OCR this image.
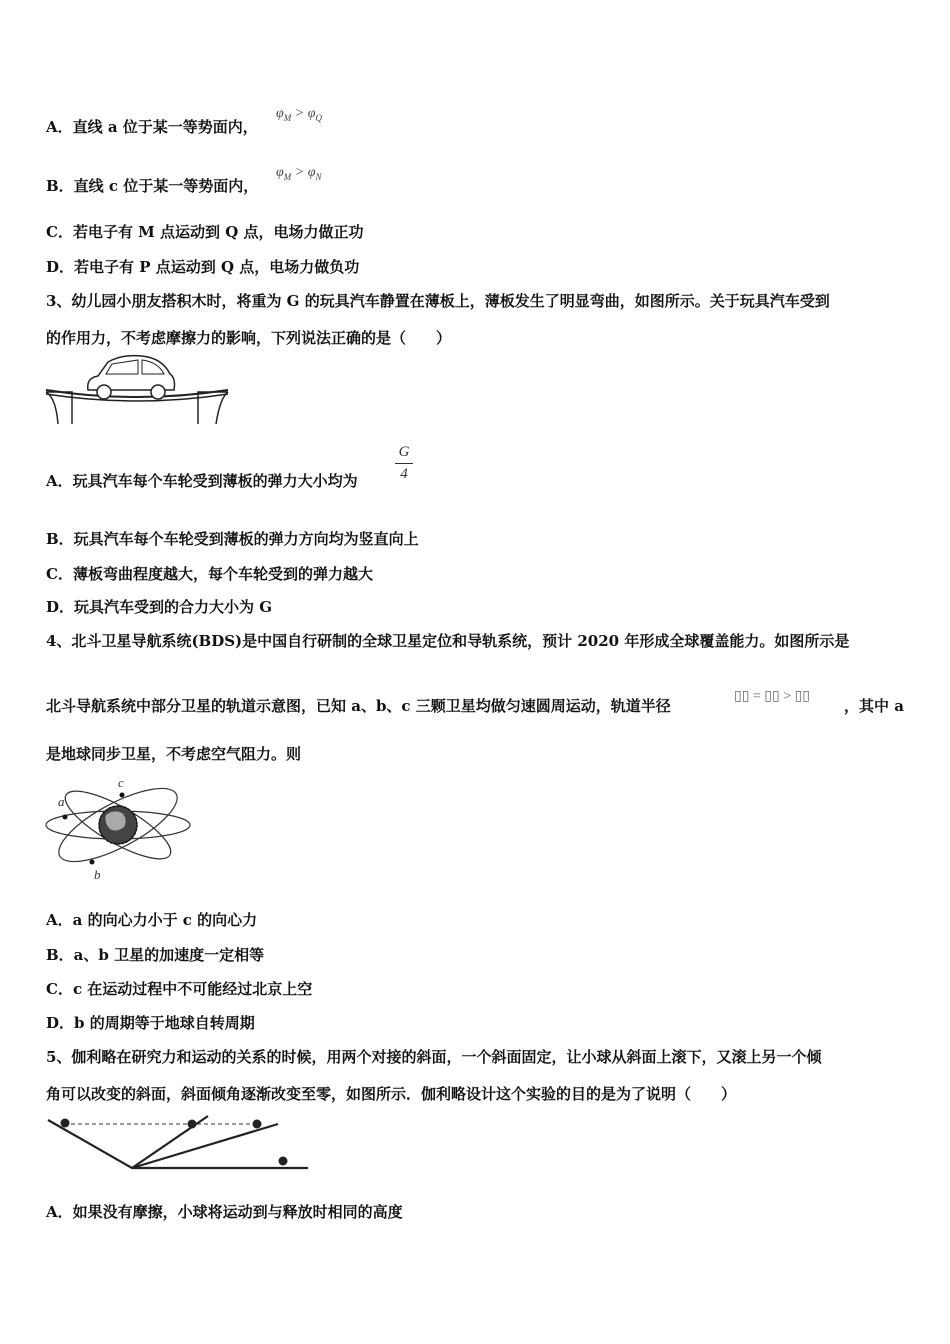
A．直线 a 位于某一等势面内，
$\varphi_M > \varphi_Q$
B．直线 c 位于某一等势面内，
$\varphi_M > \varphi_N$
C．若电子有 M 点运动到 Q 点，电场力做正功
D．若电子有 P 点运动到 Q 点，电场力做负功
3、幼儿园小朋友搭积木时，将重为 G 的玩具汽车静置在薄板上，薄板发生了明显弯曲，如图所示。关于玩具汽车受到
的作用力，不考虑摩擦力的影响，下列说法正确的是（　　）
A．玩具汽车每个车轮受到薄板的弹力大小均为
G
4
B．玩具汽车每个车轮受到薄板的弹力方向均为竖直向上
C．薄板弯曲程度越大，每个车轮受到的弹力越大
D．玩具汽车受到的合力大小为 G
4、北斗卫星导航系统(BDS)是中国自行研制的全球卫星定位和导轨系统，预计 2020 年形成全球覆盖能力。如图所示是
北斗导航系统中部分卫星的轨道示意图，已知 a、b、c 三颗卫星均做匀速圆周运动，轨道半径
▯▯ = ▯▯ > ▯▯
，其中 a
是地球同步卫星，不考虑空气阻力。则
a
c
b
A．a 的向心力小于 c 的向心力
B．a、b 卫星的加速度一定相等
C．c 在运动过程中不可能经过北京上空
D．b 的周期等于地球自转周期
5、伽利略在研究力和运动的关系的时候，用两个对接的斜面，一个斜面固定，让小球从斜面上滚下，又滚上另一个倾
角可以改变的斜面，斜面倾角逐渐改变至零，如图所示．伽利略设计这个实验的目的是为了说明（　　）
A．如果没有摩擦，小球将运动到与释放时相同的高度
